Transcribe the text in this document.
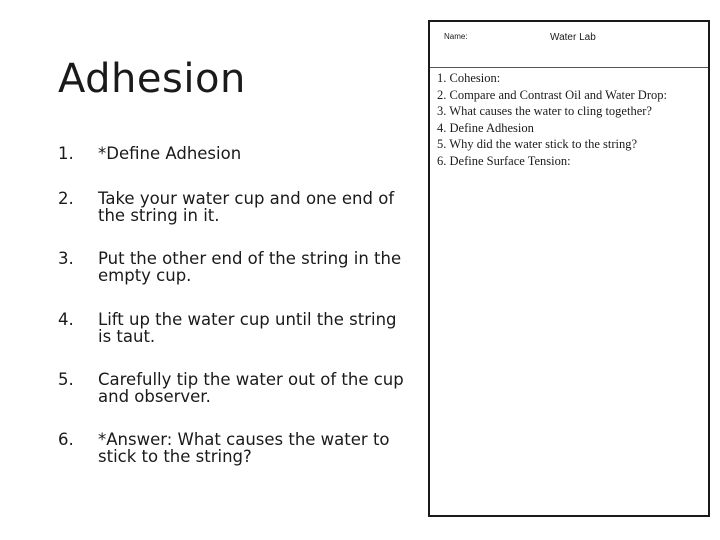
Adhesion
1.	*Define Adhesion
2.	Take your water cup and one end of the string in it.
3.	Put the other end of the string in the empty cup.
4.	Lift up the water cup until the string is taut.
5.	Carefully tip the water out of the cup and observer.
6.	*Answer: What causes the water to stick to the string?
Name:	Water Lab
1. Cohesion:
2. Compare and Contrast Oil and Water Drop:
3. What causes the water to cling together?
4. Define Adhesion
5. Why did the water stick to the string?
6. Define Surface Tension:
